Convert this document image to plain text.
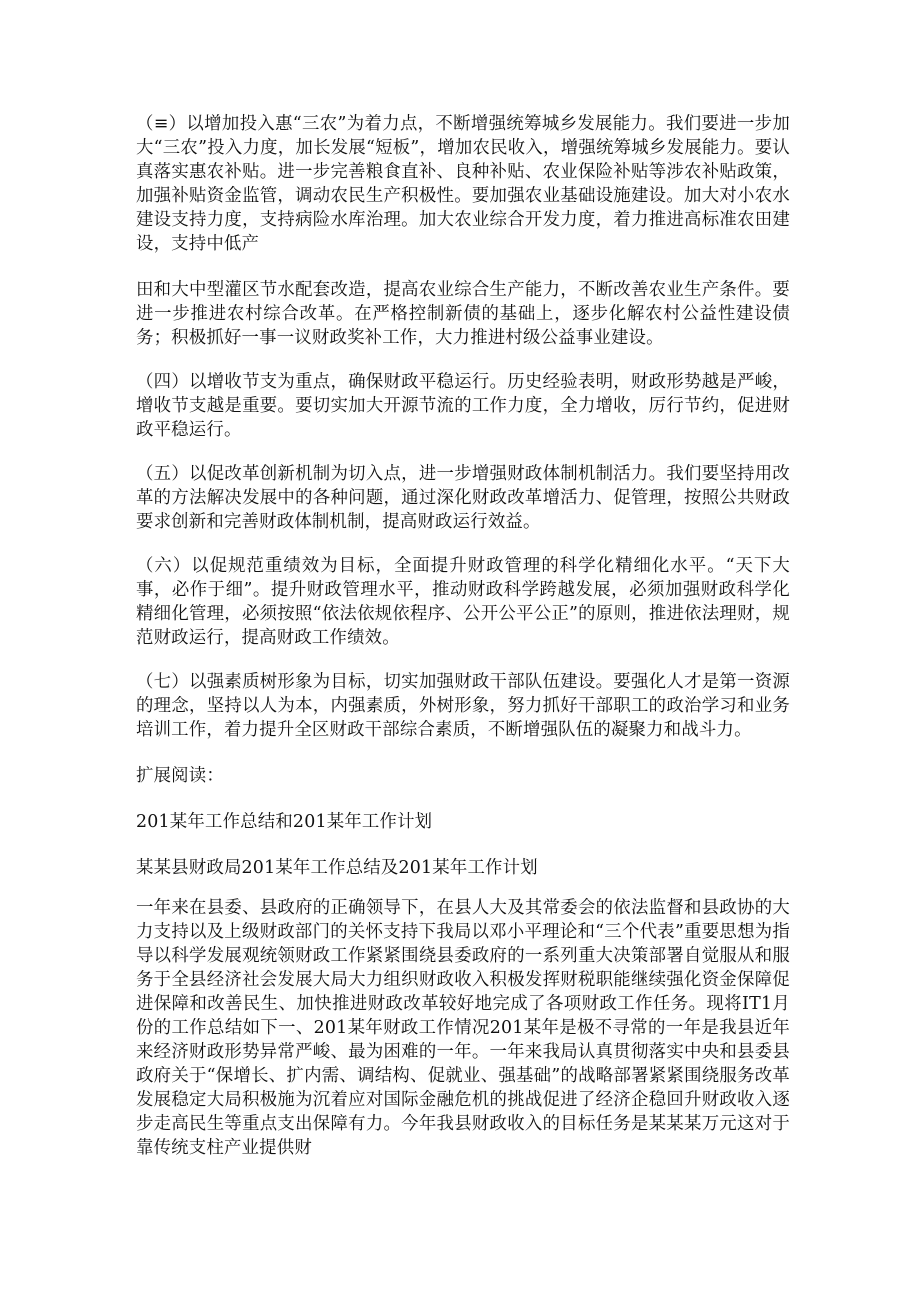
（≡）以增加投入惠“三农”为着力点，不断增强统筹城乡发展能力。我们要进一步加大“三农”投入力度，加长发展“短板”，增加农民收入，增强统筹城乡发展能力。要认真落实惠农补贴。进一步完善粮食直补、良种补贴、农业保险补贴等涉农补贴政策，加强补贴资金监管，调动农民生产积极性。要加强农业基础设施建设。加大对小农水建设支持力度，支持病险水库治理。加大农业综合开发力度，着力推进高标准农田建设，支持中低产

田和大中型灌区节水配套改造，提高农业综合生产能力，不断改善农业生产条件。要进一步推进农村综合改革。在严格控制新债的基础上，逐步化解农村公益性建设债务；积极抓好一事一议财政奖补工作，大力推进村级公益事业建设。

（四）以增收节支为重点，确保财政平稳运行。历史经验表明，财政形势越是严峻，增收节支越是重要。要切实加大开源节流的工作力度，全力增收，厉行节约，促进财政平稳运行。

（五）以促改革创新机制为切入点，进一步增强财政体制机制活力。我们要坚持用改革的方法解决发展中的各种问题，通过深化财政改革增活力、促管理，按照公共财政要求创新和完善财政体制机制，提高财政运行效益。

（六）以促规范重绩效为目标，全面提升财政管理的科学化精细化水平。“天下大事，必作于细”。提升财政管理水平，推动财政科学跨越发展，必须加强财政科学化精细化管理，必须按照“依法依规依程序、公开公平公正”的原则，推进依法理财，规范财政运行，提高财政工作绩效。

（七）以强素质树形象为目标，切实加强财政干部队伍建设。要强化人才是第一资源的理念，坚持以人为本，内强素质，外树形象，努力抓好干部职工的政治学习和业务培训工作，着力提升全区财政干部综合素质，不断增强队伍的凝聚力和战斗力。

扩展阅读：

201某年工作总结和201某年工作计划

某某县财政局201某年工作总结及201某年工作计划

一年来在县委、县政府的正确领导下，在县人大及其常委会的依法监督和县政协的大力支持以及上级财政部门的关怀支持下我局以邓小平理论和“三个代表”重要思想为指导以科学发展观统领财政工作紧紧围绕县委政府的一系列重大决策部署自觉服从和服务于全县经济社会发展大局大力组织财政收入积极发挥财税职能继续强化资金保障促进保障和改善民生、加快推进财政改革较好地完成了各项财政工作任务。现将IT1月份的工作总结如下一、201某年财政工作情况201某年是极不寻常的一年是我县近年来经济财政形势异常严峻、最为困难的一年。一年来我局认真贯彻落实中央和县委县政府关于“保增长、扩内需、调结构、促就业、强基础”的战略部署紧紧围绕服务改革发展稳定大局积极施为沉着应对国际金融危机的挑战促进了经济企稳回升财政收入逐步走高民生等重点支出保障有力。今年我县财政收入的目标任务是某某某万元这对于靠传统支柱产业提供财
